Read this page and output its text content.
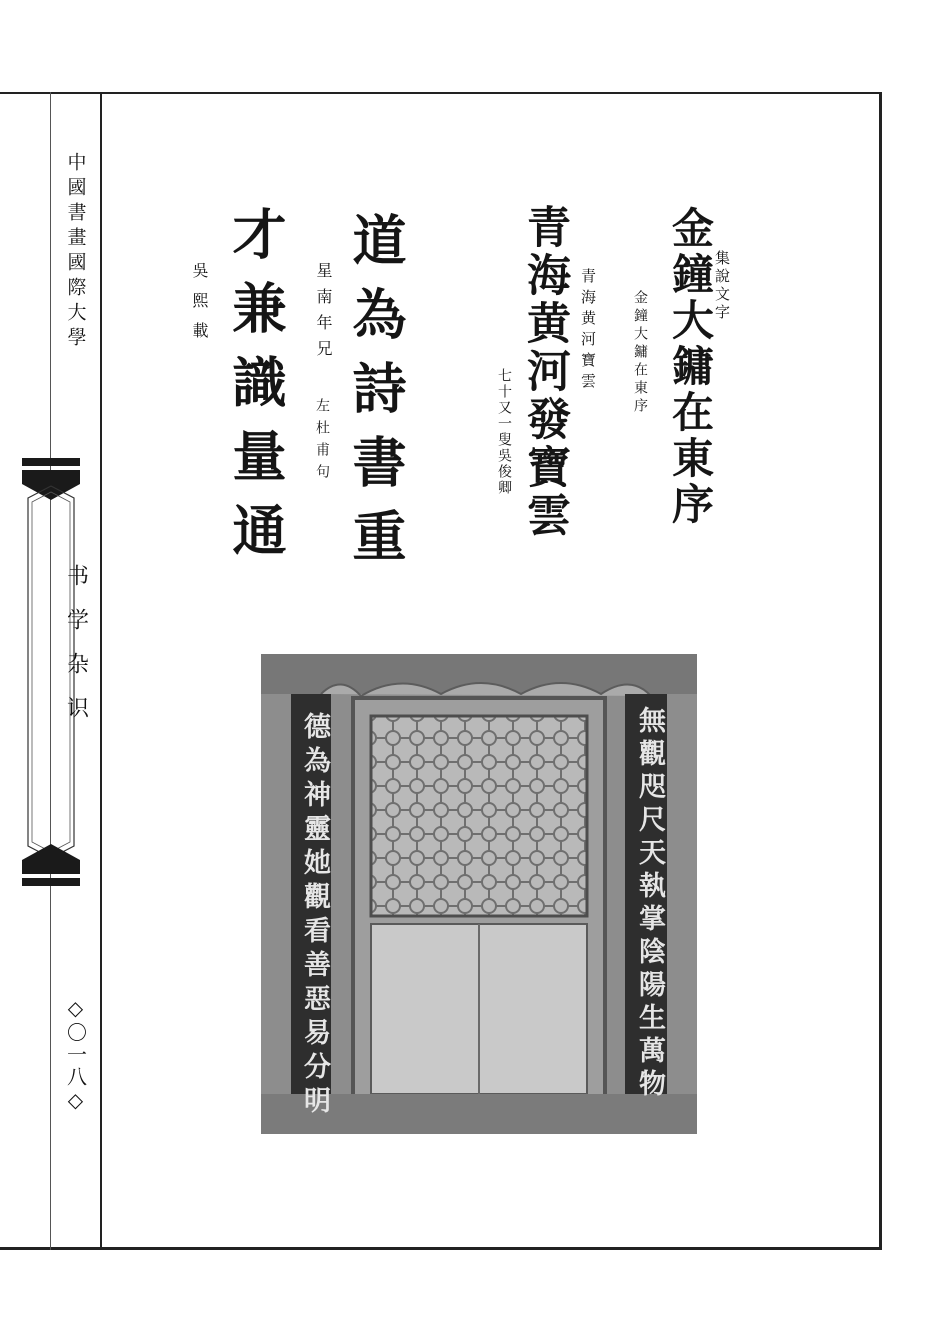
中國書畫國際大學
书学杂识
◇〇一八◇
金鐘大鏞在東序
集說文字
金鐘大鏞在東序
青海黄河發寶雲 青海黄河寶雲
七十又一叟吳俊卿
道為詩書重
星南年兄
左杜甫句
才兼識量通
吳熙載
德為神靈她觀看善惡易分明	無觀咫尺天執掌陰陽生萬物
